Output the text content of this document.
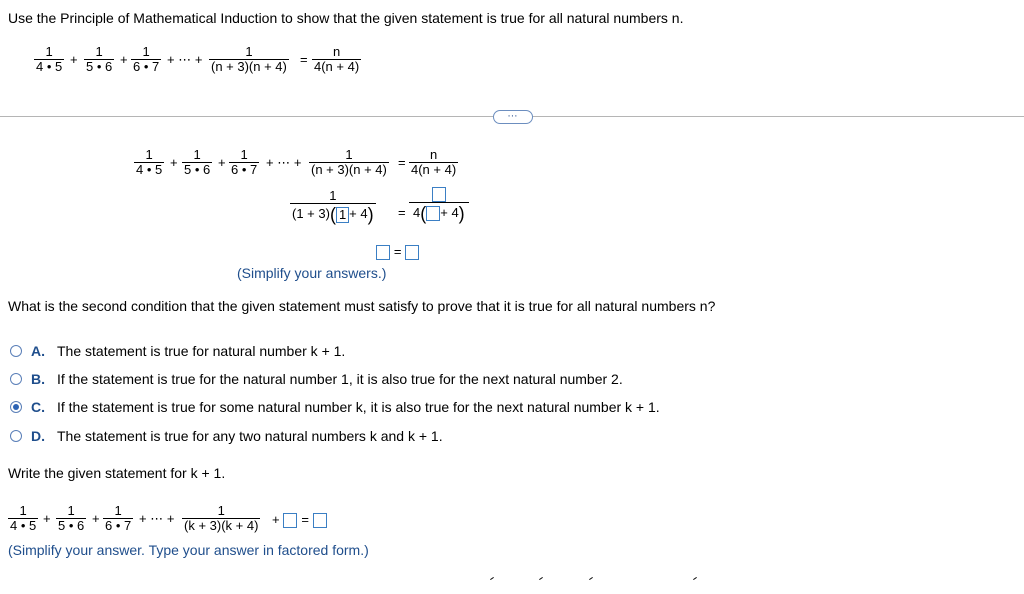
Use the Principle of Mathematical Induction to show that the given statement is true for all natural numbers n.
$\frac{1}{4 • 5} + \frac{1}{5 • 6} + \frac{1}{6 • 7}$ + ⋯ + $\frac{1}{(n + 3)(n + 4)} = \frac{n}{4(n + 4)}$
⋯
$\frac{1}{4 • 5} + \frac{1}{5 • 6} + \frac{1}{6 • 7}$ + ⋯ + $\frac{1}{(n + 3)(n + 4)} = \frac{n}{4(n + 4)}$
$\frac{1}{(1 + 3)( 1 + 4)} = 4( + 4)$
=
(Simplify your answers.)
What is the second condition that the given statement must satisfy to prove that it is true for all natural numbers n?
A. The statement is true for natural number k + 1.
B. If the statement is true for the natural number 1, it is also true for the next natural number 2.
C. If the statement is true for some natural number k, it is also true for the next natural number k + 1.
D. The statement is true for any two natural numbers k and k + 1.
Write the given statement for k + 1.
$\frac{1}{4 • 5} + \frac{1}{5 • 6} + \frac{1}{6 • 7}$ + ⋯ + $\frac{1}{(k + 3)(k + 4)}$ + =
(Simplify your answer. Type your answer in factored form.)
